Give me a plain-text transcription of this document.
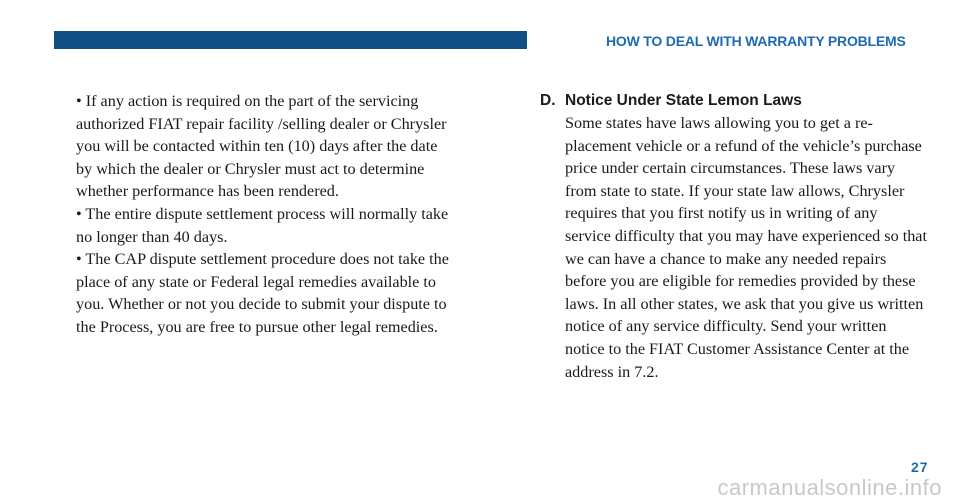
HOW TO DEAL WITH WARRANTY PROBLEMS

• If any action is required on the part of the servicing authorized FIAT repair facility /selling dealer or Chrysler you will be contacted within ten (10) days after the date by which the dealer or Chrysler must act to determine whether performance has been rendered.

• The entire dispute settlement process will normally take no longer than 40 days.

• The CAP dispute settlement procedure does not take the place of any state or Federal legal remedies available to you. Whether or not you decide to submit your dispute to the Process, you are free to pursue other legal remedies.

D. Notice Under State Lemon Laws

Some states have laws allowing you to get a re-placement vehicle or a refund of the vehicle’s purchase price under certain circumstances. These laws vary from state to state. If your state law allows, Chrysler requires that you first notify us in writing of any service difficulty that you may have experienced so that we can have a chance to make any needed repairs before you are eligible for remedies provided by these laws. In all other states, we ask that you give us written notice of any service difficulty. Send your written notice to the FIAT Customer Assistance Center at the address in 7.2.

27
carmanualsonline.info
